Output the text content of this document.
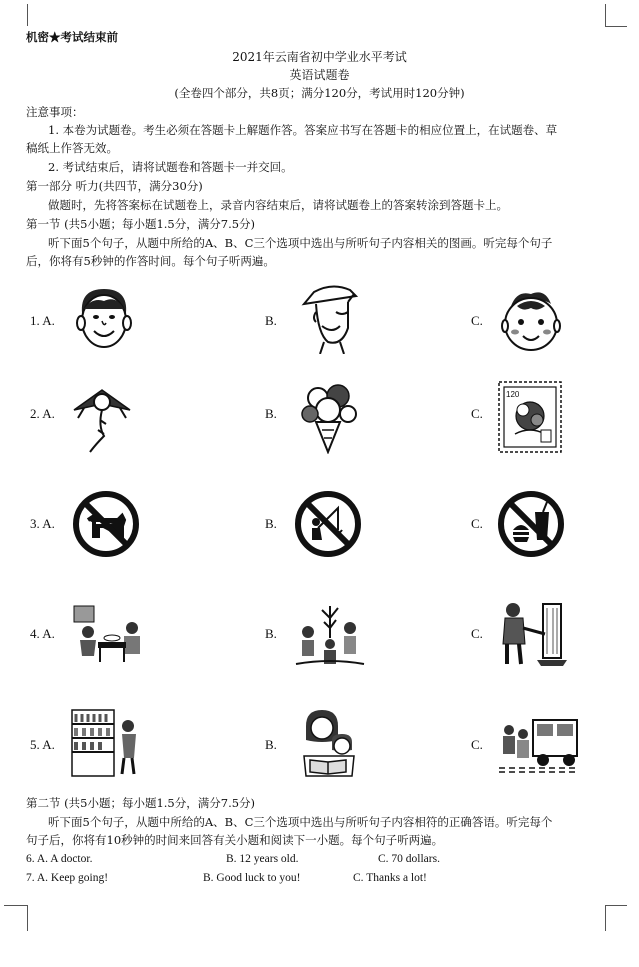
机密★考试结束前
2021年云南省初中学业水平考试
英语试题卷
(全卷四个部分，共8页；满分120分，考试用时120分钟)
注意事项：
1. 本卷为试题卷。考生必须在答题卡上解题作答。答案应书写在答题卡的相应位置上，在试题卷、草
稿纸上作答无效。
2. 考试结束后，请将试题卷和答题卡一并交回。
第一部分 听力(共四节，满分30分)
做题时，先将答案标在试题卷上，录音内容结束后，请将试题卷上的答案转涂到答题卡上。
第一节 (共5小题；每小题1.5分，满分7.5分)
听下面5个句子，从题中所给的A、B、C三个选项中选出与所听句子内容相关的图画。听完每个句子
后，你将有5秒钟的作答时间。每个句子听两遍。
1. A.	B.	C.
2. A.	B.	C.
120
3. A.	B.	C.
4. A.	B.	C.
5. A.	B.	C.
第二节 (共5小题；每小题1.5分，满分7.5分)
听下面5个句子，从题中所给的A、B、C三个选项中选出与所听句子内容相符的正确答语。听完每个
句子后，你将有10秒钟的时间来回答有关小题和阅读下一小题。每个句子听两遍。
6. A. A doctor.	B. 12 years old.	C. 70 dollars.
7. A. Keep going!	B. Good luck to you!	C. Thanks a lot!
